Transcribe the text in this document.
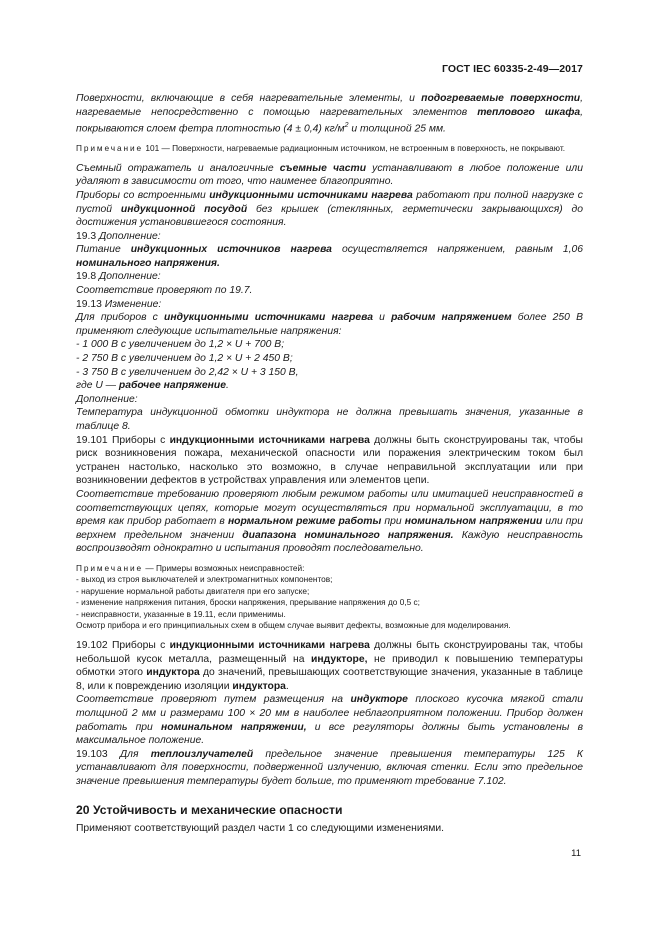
ГОСТ IEC 60335-2-49—2017

Поверхности, включающие в себя нагревательные элементы, и подогреваемые поверхности, нагреваемые непосредственно с помощью нагревательных элементов теплового шкафа, покрываются слоем фетра плотностью (4 ± 0,4) $кг/м^2$ и толщиной 25 мм.

Примечание 101 — Поверхности, нагреваемые радиационным источником, не встроенным в поверхность, не покрывают.

Съемный отражатель и аналогичные съемные части устанавливают в любое положение или удаляют в зависимости от того, что наименее благоприятно.

Приборы со встроенными индукционными источниками нагрева работают при полной нагрузке с пустой индукционной посудой без крышек (стеклянных, герметически закрывающихся) до достижения установившегося состояния.

19.3 Дополнение:

Питание индукционных источников нагрева осуществляется напряжением, равным 1,06 номинального напряжения.

19.8 Дополнение:

Соответствие проверяют по 19.7.

19.13 Изменение:

Для приборов с индукционными источниками нагрева и рабочим напряжением более 250 В применяют следующие испытательные напряжения:

- 1 000 В с увеличением до 1,2 × U + 700 В;

- 2 750 В с увеличением до 1,2 × U + 2 450 В;

- 3 750 В с увеличением до 2,42 × U + 3 150 В,

где U — рабочее напряжение.

Дополнение:

Температура индукционной обмотки индуктора не должна превышать значения, указанные в таблице 8.

19.101 Приборы с индукционными источниками нагрева должны быть сконструированы так, чтобы риск возникновения пожара, механической опасности или поражения электрическим током был устранен настолько, насколько это возможно, в случае неправильной эксплуатации или при возникновении дефектов в устройствах управления или элементов цепи.

Соответствие требованию проверяют любым режимом работы или имитацией неисправностей в соответствующих цепях, которые могут осуществляться при нормальной эксплуатации, в то время как прибор работает в нормальном режиме работы при номинальном напряжении или при верхнем предельном значении диапазона номинального напряжения. Каждую неисправность воспроизводят однократно и испытания проводят последовательно.

Примечание — Примеры возможных неисправностей:
- выход из строя выключателей и электромагнитных компонентов;
- нарушение нормальной работы двигателя при его запуске;
- изменение напряжения питания, броски напряжения, прерывание напряжения до 0,5 с;
- неисправности, указанные в 19.11, если применимы.
Осмотр прибора и его принципиальных схем в общем случае выявит дефекты, возможные для моделирования.

19.102 Приборы с индукционными источниками нагрева должны быть сконструированы так, чтобы небольшой кусок металла, размещенный на индукторе, не приводил к повышению температуры обмотки этого индуктора до значений, превышающих соответствующие значения, указанные в таблице 8, или к повреждению изоляции индуктора.

Соответствие проверяют путем размещения на индукторе плоского кусочка мягкой стали толщиной 2 мм и размерами 100 × 20 мм в наиболее неблагоприятном положении. Прибор должен работать при номинальном напряжении, и все регуляторы должны быть установлены в максимальное положение.

19.103 Для теплоизлучателей предельное значение превышения температуры 125 К устанавливают для поверхности, подверженной излучению, включая стенки. Если это предельное значение превышения температуры будет больше, то применяют требование 7.102.

20 Устойчивость и механические опасности

Применяют соответствующий раздел части 1 со следующими изменениями.

11
